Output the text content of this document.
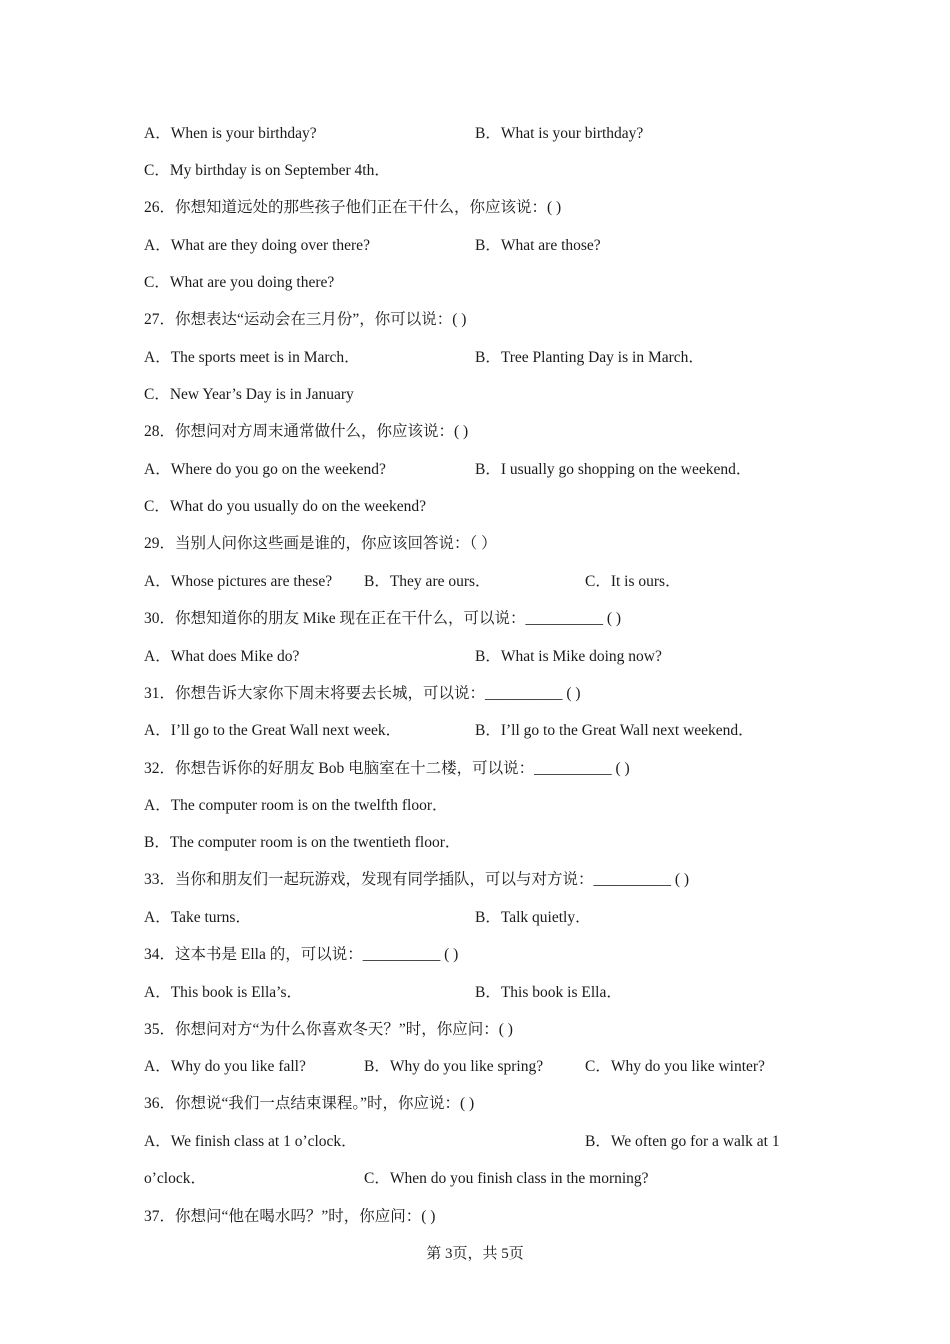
A．When is your birthday?	B．What is your birthday?
C．My birthday is on September 4th．
26．你想知道远处的那些孩子他们正在干什么，你应该说：( )
A．What are they doing over there?	B．What are those?
C．What are you doing there?
27．你想表达“运动会在三月份”，你可以说：( )
A．The sports meet is in March．	B．Tree Planting Day is in March．
C．New Year’s Day is in January
28．你想问对方周末通常做什么，你应该说：( )
A．Where do you go on the weekend?	B．I usually go shopping on the weekend．
C．What do you usually do on the weekend?
29．当别人问你这些画是谁的，你应该回答说：（ ）
A．Whose pictures are these? B．They are ours．	C．It is ours．
30．你想知道你的朋友 Mike 现在正在干什么，可以说：__________ ( )
A．What does Mike do?	B．What is Mike doing now?
31．你想告诉大家你下周末将要去长城，可以说：__________ ( )
A．I’ll go to the Great Wall next week．	B．I’ll go to the Great Wall next weekend．
32．你想告诉你的好朋友 Bob 电脑室在十二楼，可以说：__________ ( )
A．The computer room is on the twelfth floor．
B．The computer room is on the twentieth floor．
33．当你和朋友们一起玩游戏，发现有同学插队，可以与对方说：__________ ( )
A．Take turns．	B．Talk quietly．
34．这本书是 Ella 的，可以说：__________ ( )
A．This book is Ella’s．	B．This book is Ella．
35．你想问对方“为什么你喜欢冬天？”时，你应问：( )
A．Why do you like fall?	B．Why do you like spring?	C．Why do you like winter?
36．你想说“我们一点结束课程。”时，你应说：( )
A．We finish class at 1 o’clock．	B．We often go for a walk at 1
o’clock．	C．When do you finish class in the morning?
37．你想问“他在喝水吗？”时，你应问：( )
第 3页，共 5页
